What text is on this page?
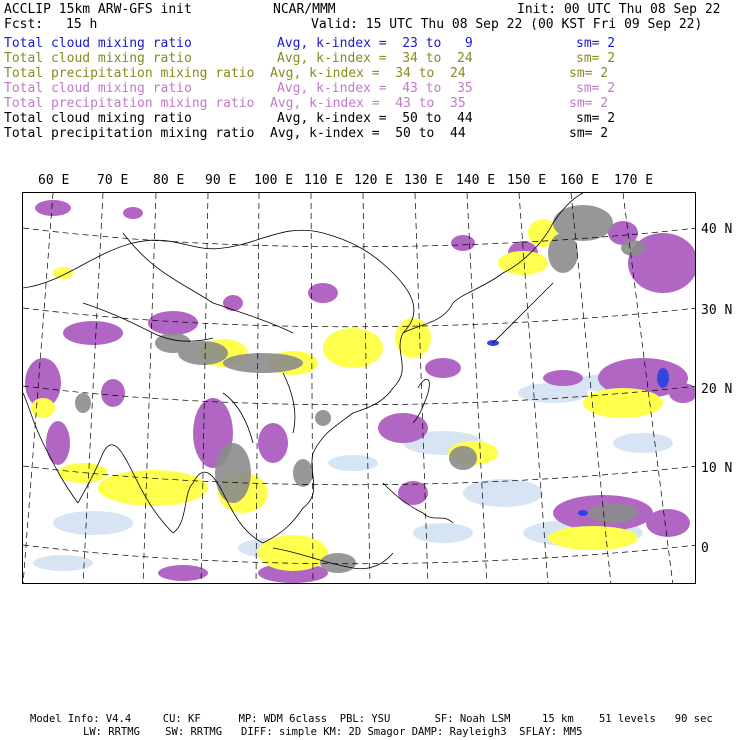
ACCLIP 15km ARW-GFS init	NCAR/MMM	Init: 00 UTC Thu 08 Sep 22
Fcst: 15 h	Valid: 15 UTC Thu 08 Sep 22 (00 KST Fri 09 Sep 22)
Total cloud mixing ratio	Avg, k-index =  23 to   9	sm= 2
Total cloud mixing ratio	Avg, k-index =  34 to  24	sm= 2
Total precipitation mixing ratio Avg, k-index =  34 to  24	sm= 2
Total cloud mixing ratio	Avg, k-index =  43 to  35	sm= 2
Total precipitation mixing ratio Avg, k-index =  43 to  35	sm= 2
Total cloud mixing ratio	Avg, k-index =  50 to  44	sm= 2
Total precipitation mixing ratio Avg, k-index =  50 to  44	sm= 2
60 E 70 E 80 E 90 E 100 E 110 E 120 E 130 E 140 E 150 E 160 E 170 E
40 N
30 N
20 N
10 N
0
Model Info: V4.4     CU: KF      MP: WDM 6class  PBL: YSU       SF: Noah LSM     15 km    51 levels   90 sec
LW: RRTMG    SW: RRTMG   DIFF: simple KM: 2D Smagor DAMP: Rayleigh3  SFLAY: MM5
